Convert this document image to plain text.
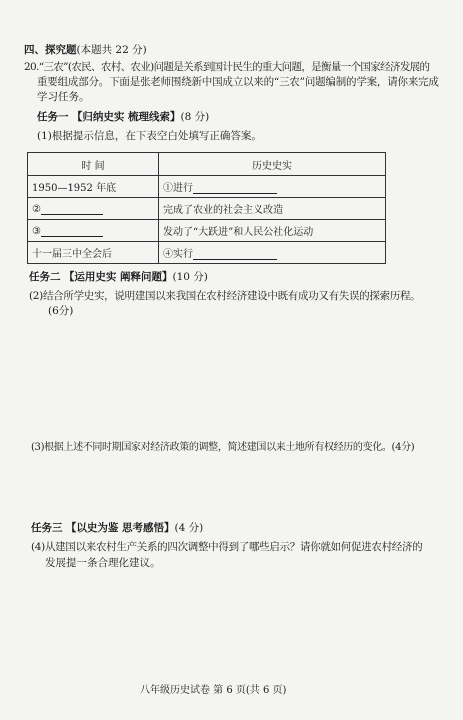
四、探究题(本题共 22 分)
20.“三农”(农民、农村、农业)问题是关系到国计民生的重大问题，是衡量一个国家经济发展的
重要组成部分。下面是张老师围绕新中国成立以来的“三农”问题编制的学案，请你来完成
学习任务。
任务一 【归纳史实 梳理线索】(8 分)
(1)根据提示信息，在下表空白处填写正确答案。
时 间	历史史实
1950—1952 年底	①进行
②	完成了农业的社会主义改造
③	发动了“大跃进”和人民公社化运动
十一届三中全会后	④实行
任务二 【运用史实 阐释问题】(10 分)
(2)结合所学史实，说明建国以来我国在农村经济建设中既有成功又有失误的探索历程。
(6分)
(3)根据上述不同时期国家对经济政策的调整，简述建国以来土地所有权经历的变化。(4分)
任务三 【以史为鉴 思考感悟】(4 分)
(4)从建国以来农村生产关系的四次调整中得到了哪些启示？请你就如何促进农村经济的
发展提一条合理化建议。
八年级历史试卷 第 6 页(共 6 页)
